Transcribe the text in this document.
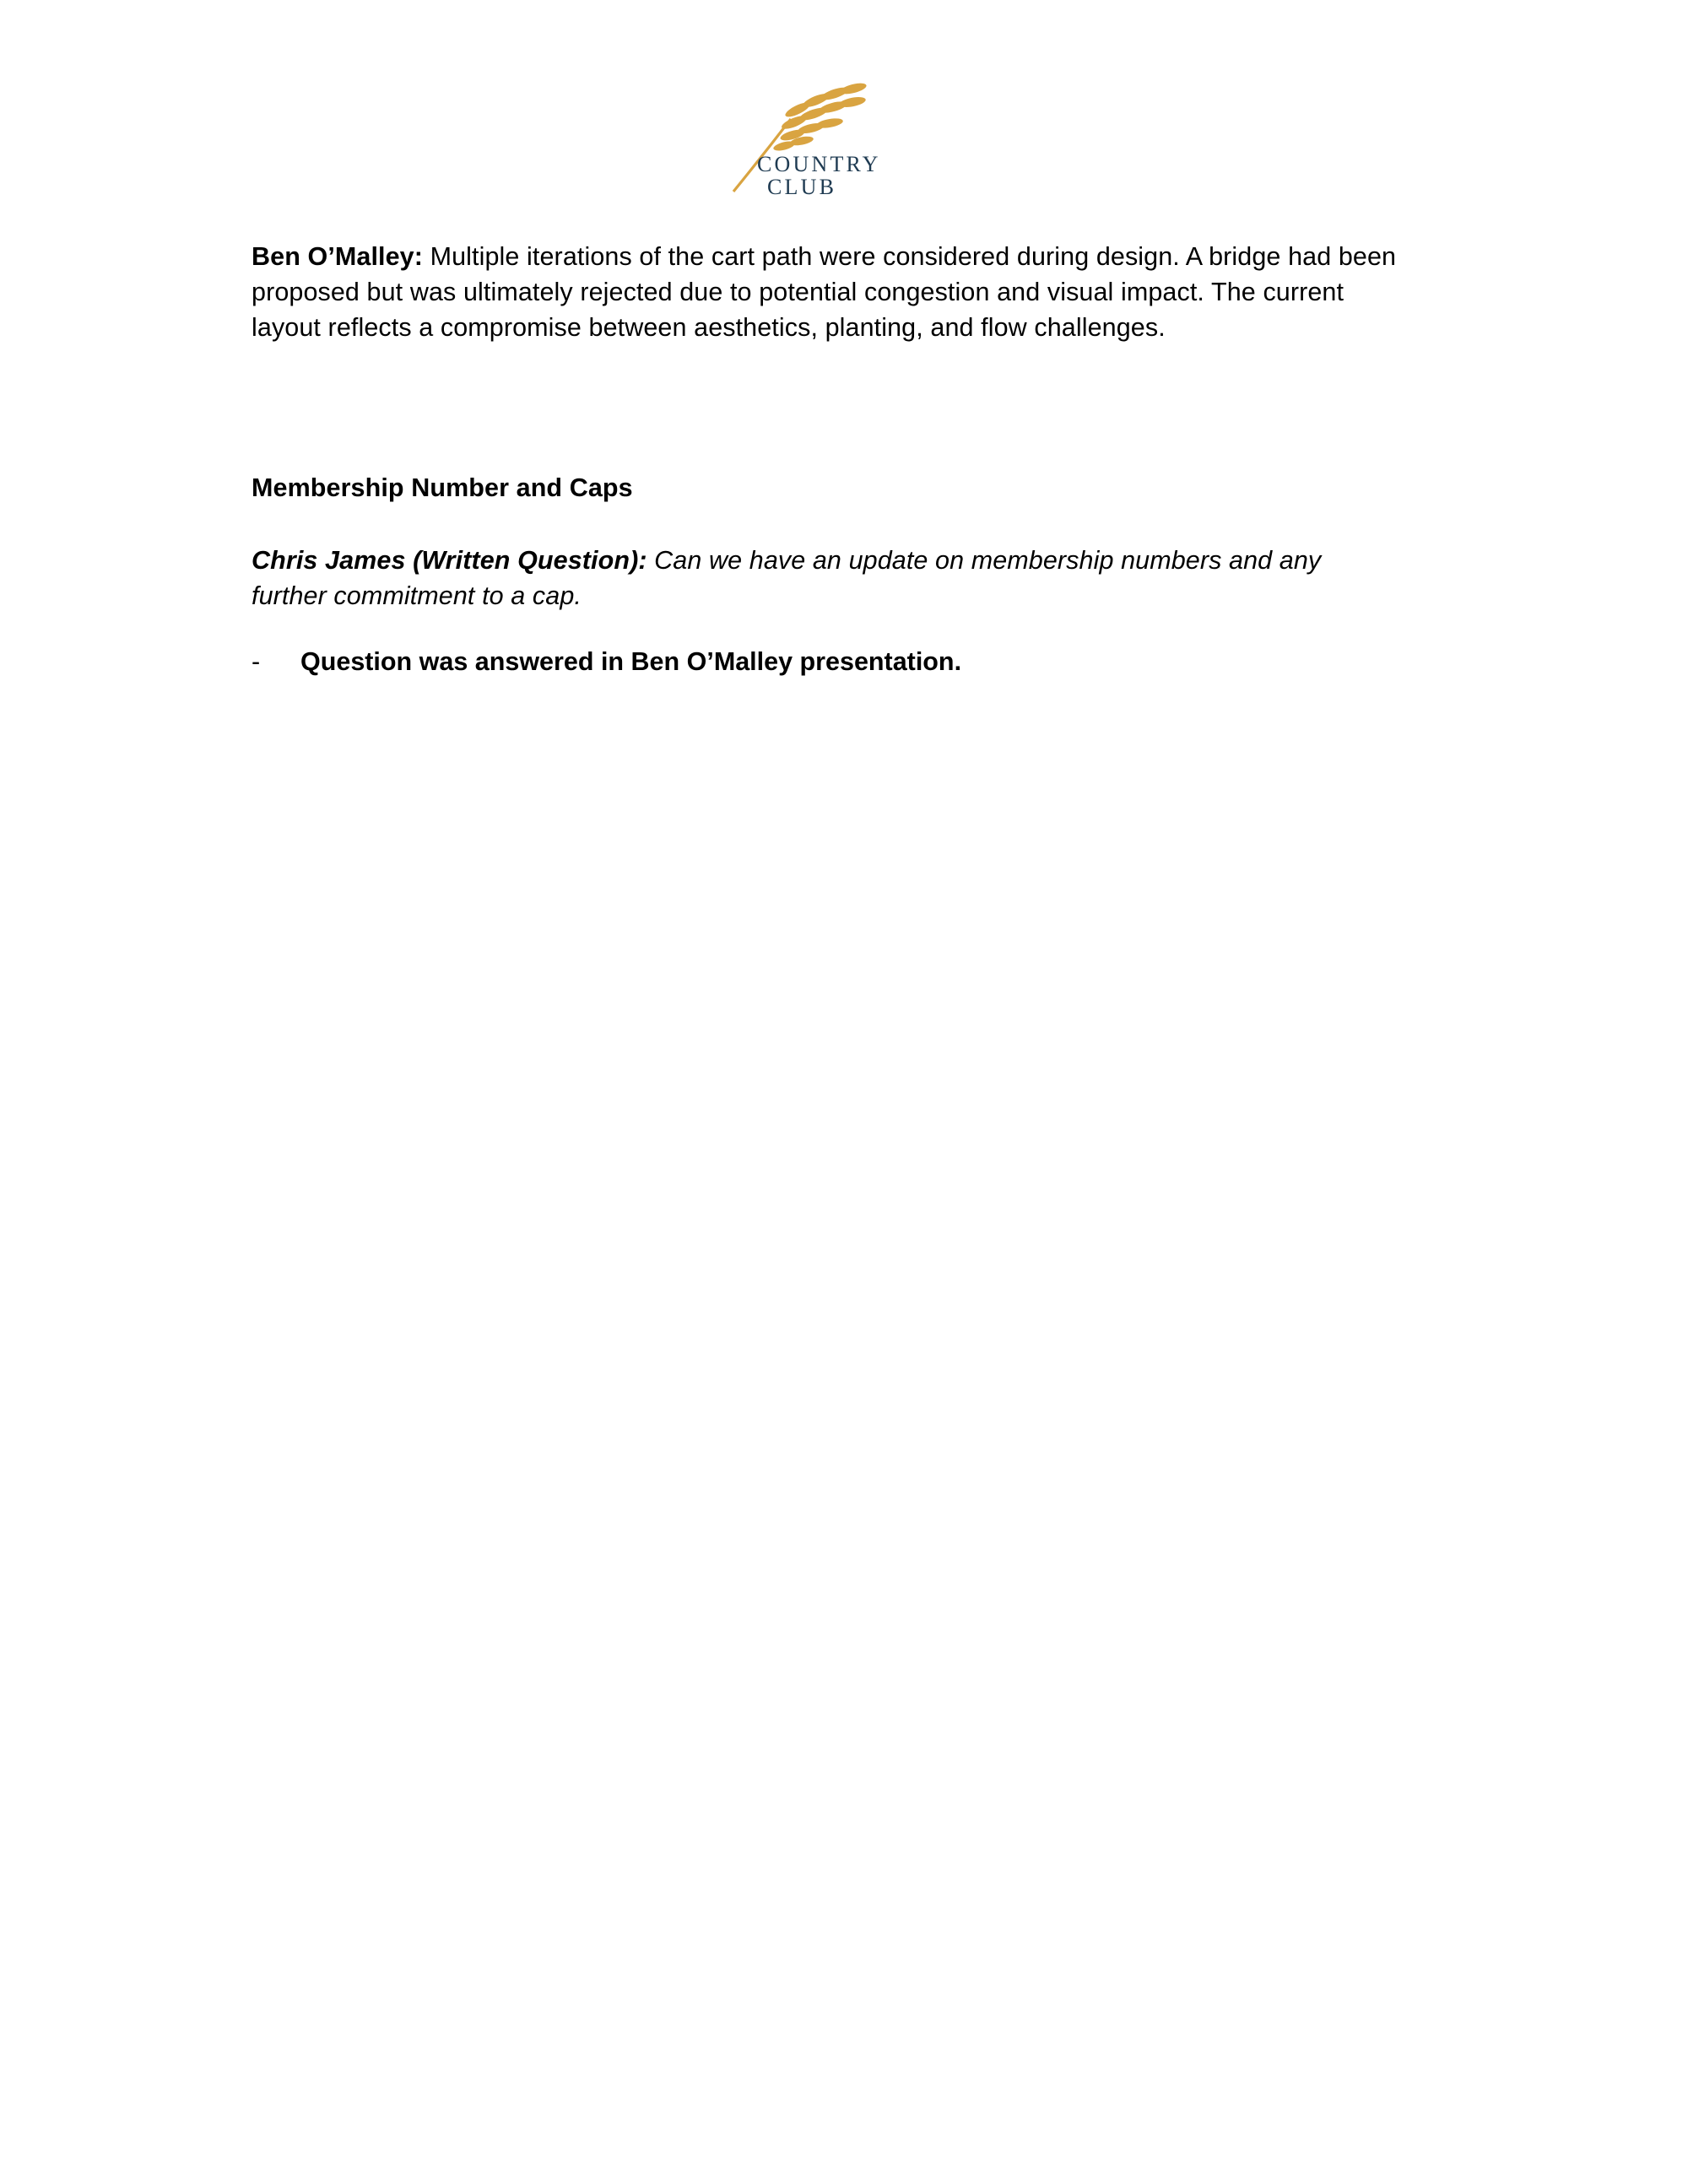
COUNTRY
CLUB

Ben O’Malley: Multiple iterations of the cart path were considered during design. A bridge had been proposed but was ultimately rejected due to potential congestion and visual impact. The current layout reflects a compromise between aesthetics, planting, and flow challenges.

Membership Number and Caps

Chris James (Written Question): Can we have an update on membership numbers and any further commitment to a cap.

-	Question was answered in Ben O’Malley presentation.
